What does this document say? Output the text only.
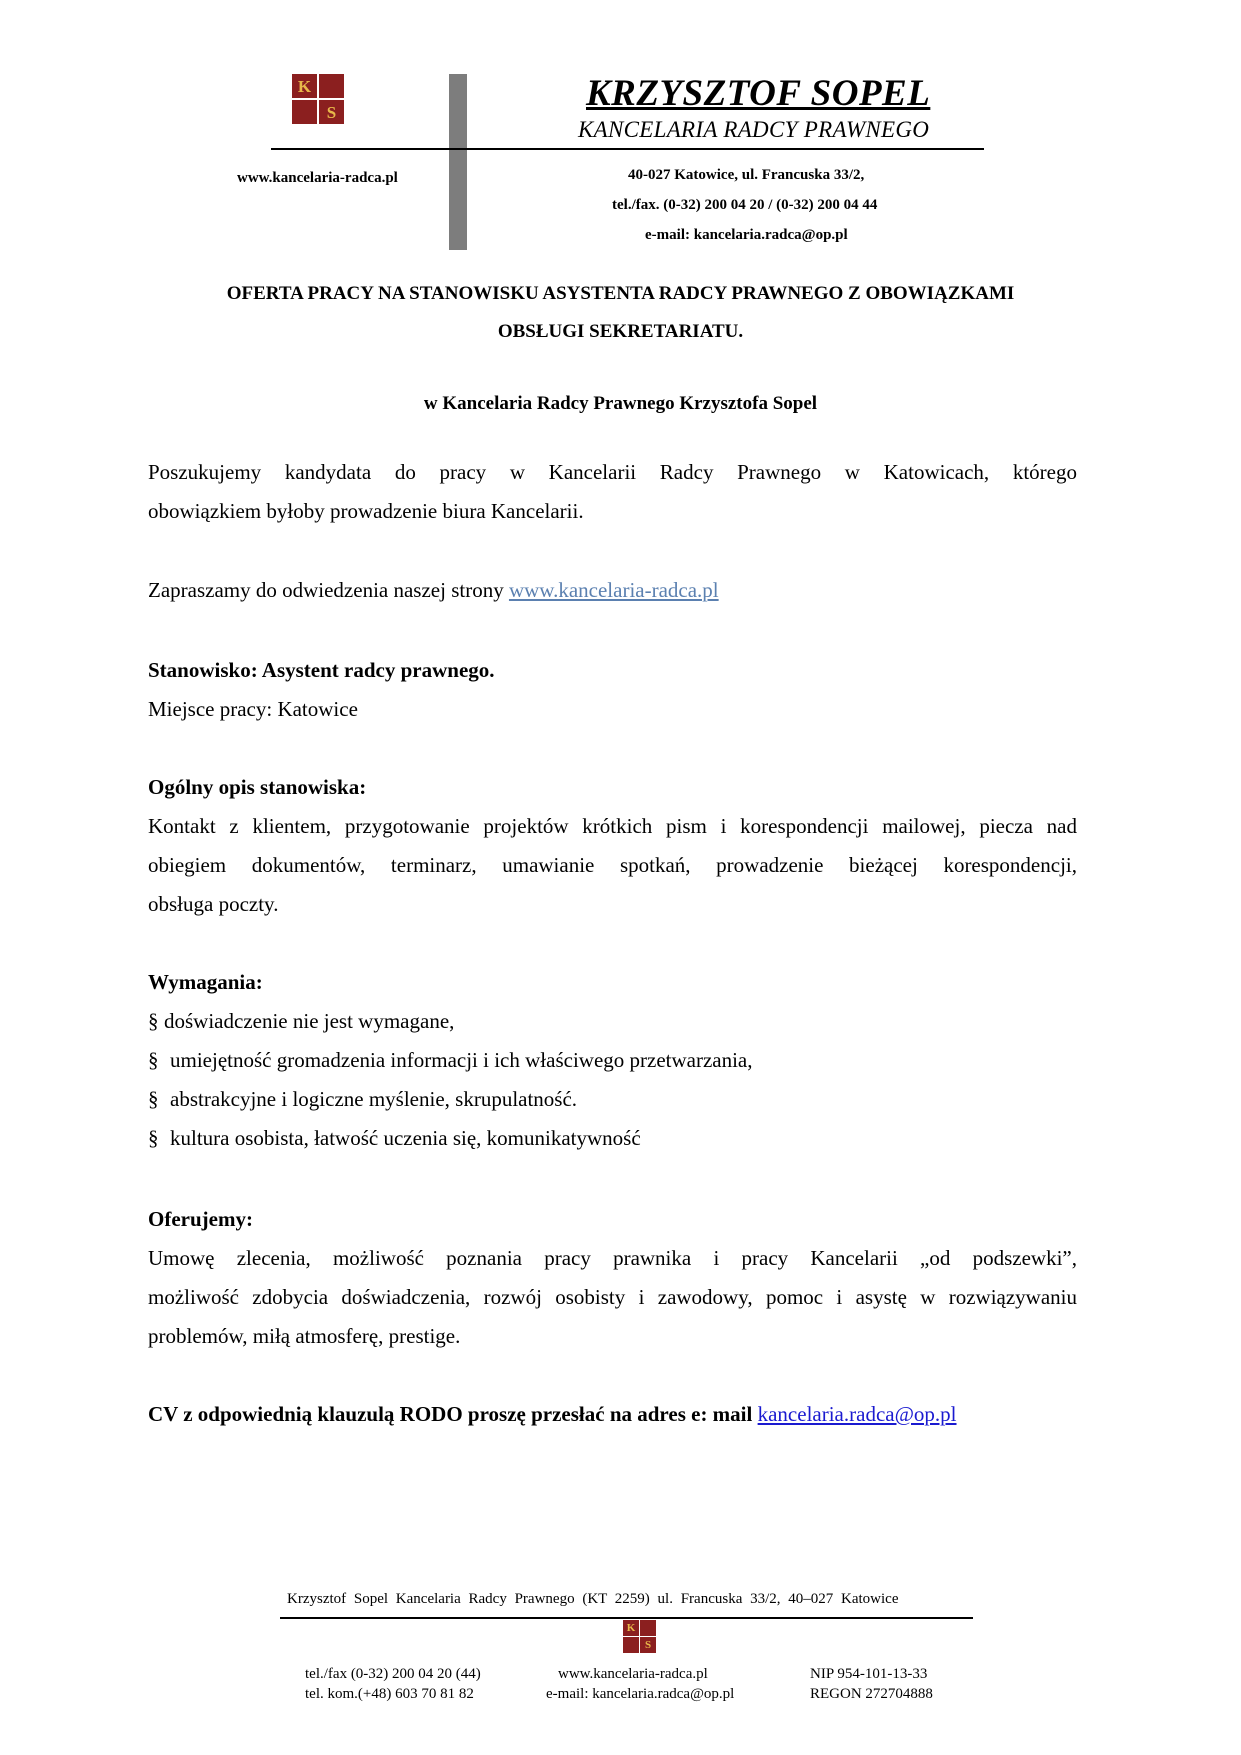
K
S	KRZYSZTOF SOPEL
KANCELARIA RADCY PRAWNEGO
www.kancelaria-radca.pl	40-027 Katowice, ul. Francuska 33/2,
tel./fax. (0-32) 200 04 20 / (0-32) 200 04 44
e-mail: kancelaria.radca@op.pl
OFERTA PRACY NA STANOWISKU ASYSTENTA RADCY PRAWNEGO Z OBOWIĄZKAMI
OBSŁUGI SEKRETARIATU.
w Kancelaria Radcy Prawnego Krzysztofa Sopel
Poszukujemy kandydata do pracy w Kancelarii Radcy Prawnego w Katowicach, którego
obowiązkiem byłoby prowadzenie biura Kancelarii.
Zapraszamy do odwiedzenia naszej strony www.kancelaria-radca.pl
Stanowisko: Asystent radcy prawnego.
Miejsce pracy: Katowice
Ogólny opis stanowiska:
Kontakt z klientem, przygotowanie projektów krótkich pism i korespondencji mailowej, piecza nad
obiegiem dokumentów, terminarz, umawianie spotkań, prowadzenie bieżącej korespondencji,
obsługa poczty.
Wymagania:
§ doświadczenie nie jest wymagane,
§ umiejętność gromadzenia informacji i ich właściwego przetwarzania,
§ abstrakcyjne i logiczne myślenie, skrupulatność.
§ kultura osobista, łatwość uczenia się, komunikatywność
Oferujemy:
Umowę zlecenia, możliwość poznania pracy prawnika i pracy Kancelarii „od podszewki”,
możliwość zdobycia doświadczenia, rozwój osobisty i zawodowy, pomoc i asystę w rozwiązywaniu
problemów, miłą atmosferę, prestige.
CV z odpowiednią klauzulą RODO proszę przesłać na adres e: mail kancelaria.radca@op.pl
Krzysztof Sopel Kancelaria Radcy Prawnego (KT 2259) ul. Francuska 33/2, 40–027 Katowice
K
S
tel./fax (0-32) 200 04 20 (44)
tel. kom.(+48) 603 70 81 82
www.kancelaria-radca.pl
e-mail: kancelaria.radca@op.pl
NIP 954-101-13-33
REGON 272704888
